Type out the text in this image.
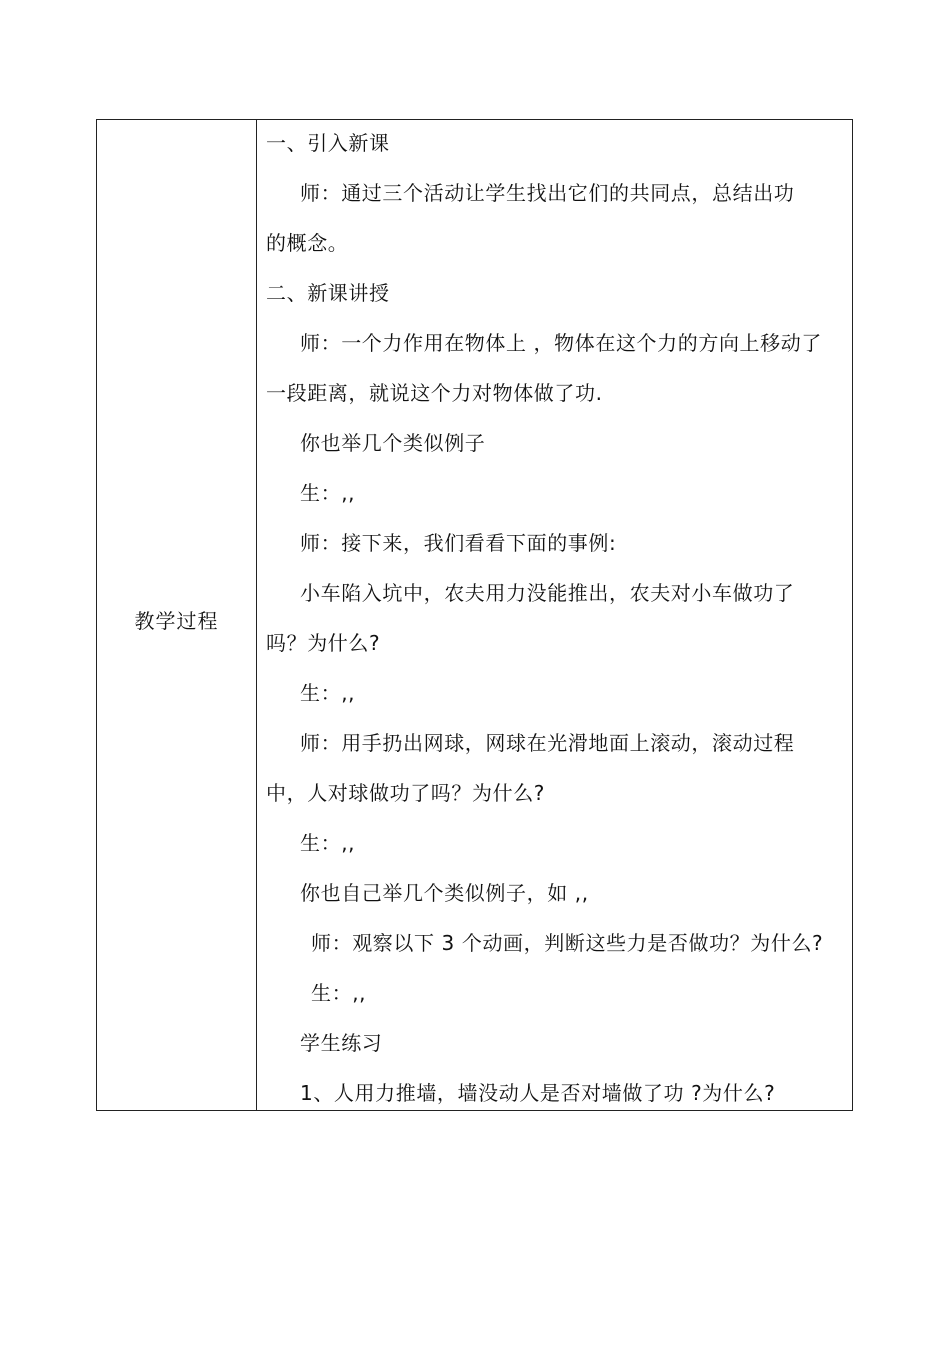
教学过程
一、引入新课
师：通过三个活动让学生找出它们的共同点，总结出功
的概念。
二、新课讲授
师：一个力作用在物体上 ，物体在这个力的方向上移动了
一段距离，就说这个力对物体做了功.
你也举几个类似例子
生：,,
师：接下来，我们看看下面的事例:
小车陷入坑中，农夫用力没能推出，农夫对小车做功了
吗？为什么?
生：,,
师：用手扔出网球，网球在光滑地面上滚动，滚动过程
中，人对球做功了吗？为什么?
生：,,
你也自己举几个类似例子，如 ,,
师：观察以下 3 个动画，判断这些力是否做功？为什么?
生：,,
学生练习
1、人用力推墙，墙没动人是否对墙做了功 ?为什么?
